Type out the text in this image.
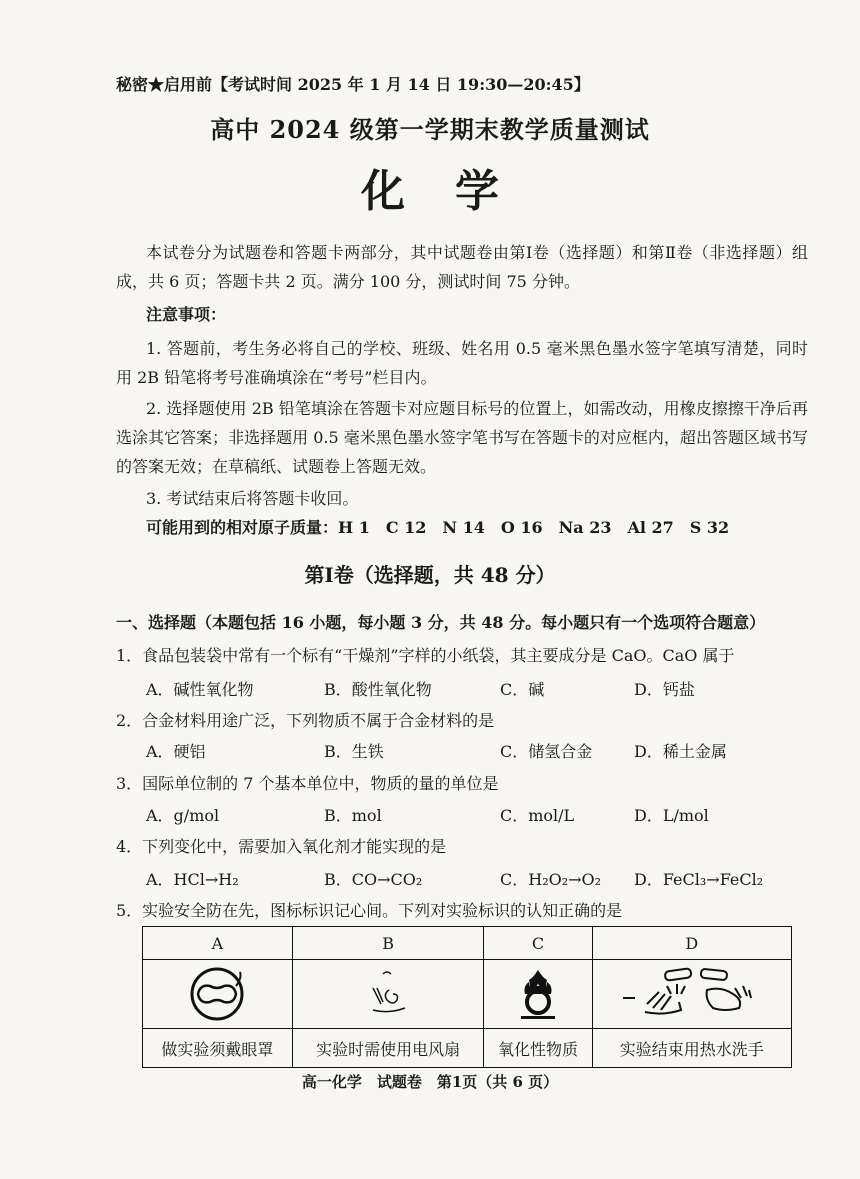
秘密★启用前【考试时间 2025 年 1 月 14 日 19:30—20:45】
高中 2024 级第一学期末教学质量测试
化学
本试卷分为试题卷和答题卡两部分，其中试题卷由第Ⅰ卷（选择题）和第Ⅱ卷（非选择题）组成，共 6 页；答题卡共 2 页。满分 100 分，测试时间 75 分钟。
注意事项：
1. 答题前，考生务必将自己的学校、班级、姓名用 0.5 毫米黑色墨水签字笔填写清楚，同时用 2B 铅笔将考号准确填涂在“考号”栏目内。
2. 选择题使用 2B 铅笔填涂在答题卡对应题目标号的位置上，如需改动，用橡皮擦擦干净后再选涂其它答案；非选择题用 0.5 毫米黑色墨水签字笔书写在答题卡的对应框内，超出答题区域书写的答案无效；在草稿纸、试题卷上答题无效。
3. 考试结束后将答题卡收回。
可能用到的相对原子质量：H 1　C 12　N 14　O 16　Na 23　Al 27　S 32
第Ⅰ卷（选择题，共 48 分）
一、选择题（本题包括 16 小题，每小题 3 分，共 48 分。每小题只有一个选项符合题意）
1．食品包装袋中常有一个标有“干燥剂”字样的小纸袋，其主要成分是 CaO。CaO 属于
A．碱性氧化物	B．酸性氧化物	C．碱	D．钙盐
2．合金材料用途广泛，下列物质不属于合金材料的是
A．硬铝	B．生铁	C．储氢合金	D．稀土金属
3．国际单位制的 7 个基本单位中，物质的量的单位是
A．g/mol	B．mol	C．mol/L	D．L/mol
4．下列变化中，需要加入氧化剂才能实现的是
A．HCl→H₂	B．CO→CO₂	C．H₂O₂→O₂ D．FeCl₃→FeCl₂
5．实验安全防在先，图标标识记心间。下列对实验标识的认知正确的是
A	B	C	D

做实验须戴眼罩	实验时需使用电风扇	氧化性物质	实验结束用热水洗手
高一化学　试题卷　第1页（共 6 页）
